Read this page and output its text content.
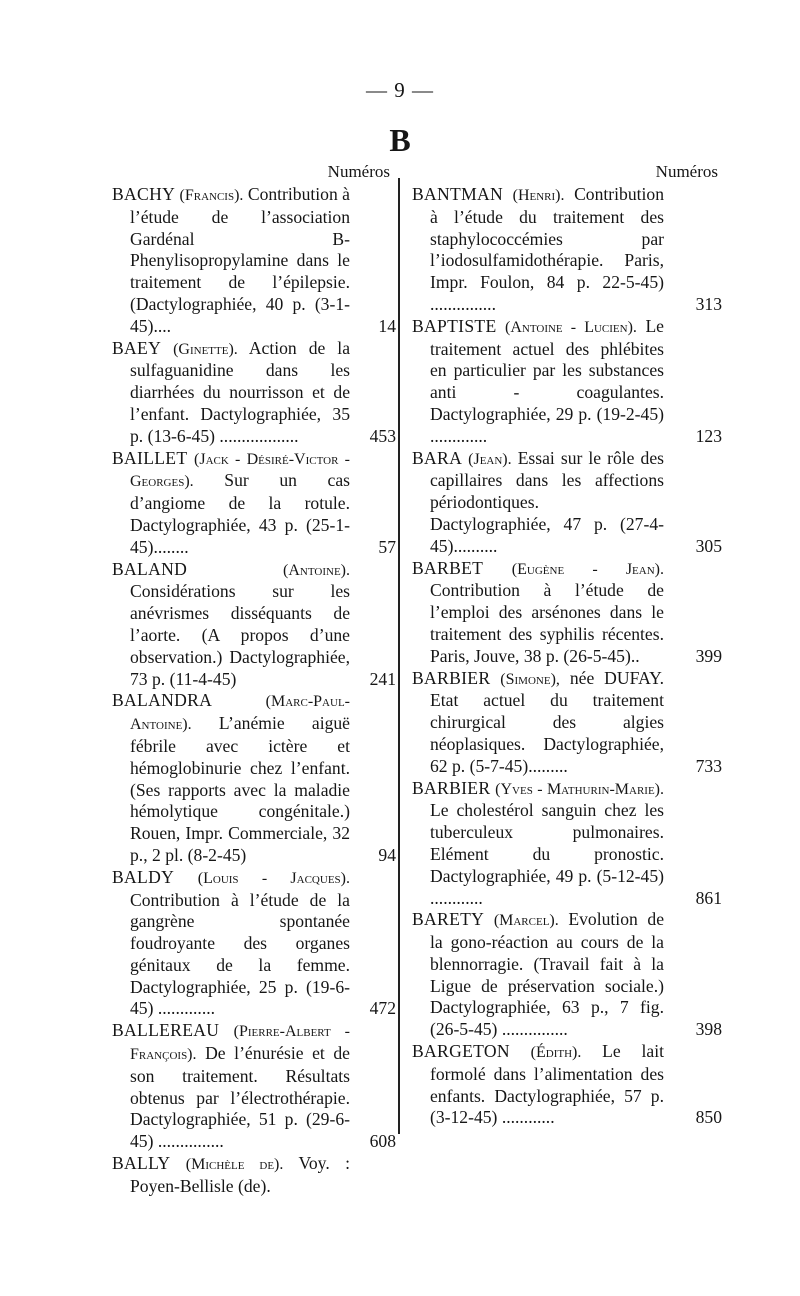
— 9 —
B
Numéros
BACHY (Francis). Contribution à l’étude de l’association Gardénal B-Phenylisopropylamine dans le traitement de l’épilepsie. (Dactylographiée, 40 p. (3-1-45)....	14
BAEY (Ginette). Action de la sulfaguanidine dans les diarrhées du nourrisson et de l’enfant. Dactylographiée, 35 p. (13-6-45) ..................	453
BAILLET (Jack - Désiré-Victor - Georges). Sur un cas d’angiome de la rotule. Dactylographiée, 43 p. (25-1-45)........	57
BALAND	(Antoine). Considérations sur les anévrismes disséquants de l’aorte. (A propos d’une observation.) Dactylographiée, 73 p. (11-4-45)	241
BALANDRA	(Marc-Paul-Antoine). L’anémie aiguë fébrile avec ictère et hémoglobinurie chez l’enfant. (Ses rapports avec la maladie hémolytique congénitale.) Rouen, Impr. Commerciale, 32 p., 2 pl. (8-2-45)	94
BALDY (Louis - Jacques). Contribution à l’étude de la gangrène spontanée foudroyante des organes génitaux de la femme. Dactylographiée, 25 p. (19-6-45) .............	472
BALLEREAU (Pierre-Albert - François). De l’énurésie et de son traitement. Résultats obtenus par l’électrothérapie. Dactylographiée, 51 p. (29-6-45) ...............	608
BALLY (Michèle de). Voy. : Poyen-Bellisle (de).
Numéros
BANTMAN (Henri). Contribution à l’étude du traitement des staphylococcémies par l’iodosulfamidothérapie. Paris, Impr. Foulon, 84 p. 22-5-45) ...............	313
BAPTISTE (Antoine - Lucien). Le traitement actuel des phlébites en particulier par les substances anti - coagulantes. Dactylographiée, 29 p. (19-2-45) .............	123
BARA (Jean). Essai sur le rôle des capillaires dans les affections périodontiques. Dactylographiée, 47 p. (27-4-45)..........	305
BARBET (Eugène - Jean). Contribution à l’étude de l’emploi des arsénones dans le traitement des syphilis récentes. Paris, Jouve, 38 p. (26-5-45)..	399
BARBIER (Simone), née DUFAY. Etat actuel du traitement chirurgical des algies néoplasiques. Dactylographiée, 62 p. (5-7-45).........	733
BARBIER (Yves - Mathurin-Marie). Le cholestérol sanguin chez les tuberculeux pulmonaires. Elément du pronostic. Dactylographiée, 49 p. (5-12-45) ............	861
BARETY (Marcel). Evolution de la gono-réaction au cours de la blennorragie. (Travail fait à la Ligue de préservation sociale.) Dactylographiée, 63 p., 7 fig. (26-5-45) ...............	398
BARGETON (Édith). Le lait formolé dans l’alimentation des enfants. Dactylographiée, 57 p. (3-12-45) ............	850
